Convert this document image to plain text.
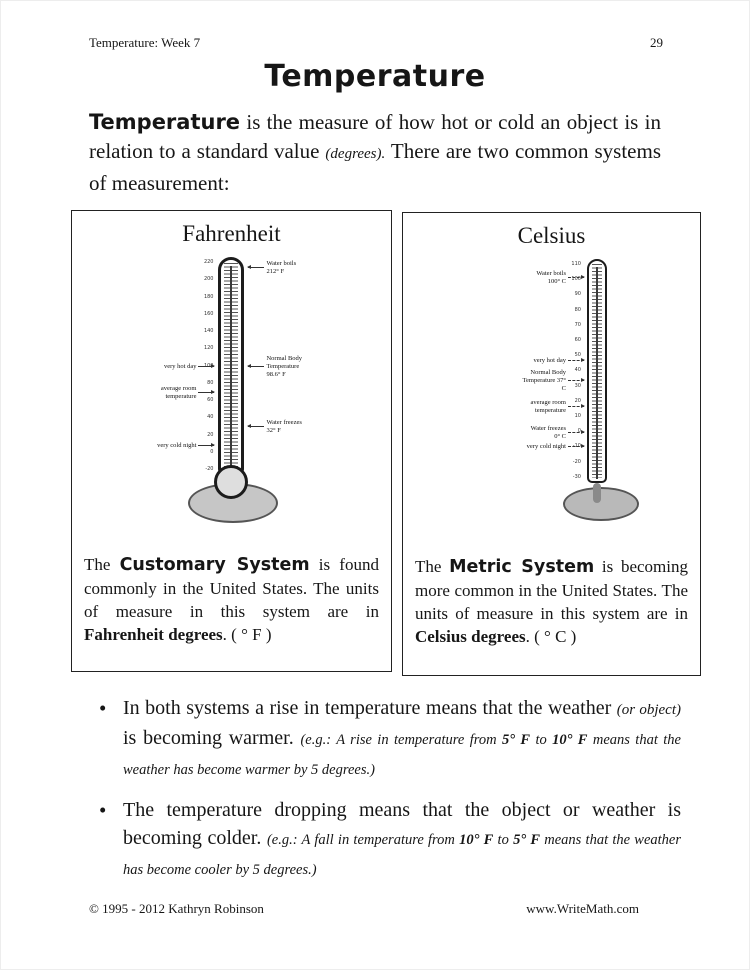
Temperature: Week 7	29
Temperature

Temperature is the measure of how hot or cold an object is in relation to a standard value (degrees). There are two common systems of measurement:

Fahrenheit
220
200
180
160
140
120
100
80
60
40
20
0
-20
Water boils 212° F
very hot day
Normal Body Temperature 98.6° F
average room temperature
Water freezes 32° F
very cold night

The Customary System is found commonly in the United States. The units of measure in this system are in Fahrenheit degrees. ( ° F )

Celsius
110
100
90
80
70
60
50
40
30
20
10
0
-10
-20
-30
Water boils 100° C
very hot day
Normal Body Temperature 37° C
average room temperature
Water freezes 0° C
very cold night

The Metric System is becoming more common in the United States. The units of measure in this system are in Celsius degrees. ( ° C )

• In both systems a rise in temperature means that the weather (or object) is becoming warmer. (e.g.: A rise in temperature from 5° F to 10° F means that the weather has become warmer by 5 degrees.)
• The temperature dropping means that the object or weather is becoming colder. (e.g.: A fall in temperature from 10° F to 5° F means that the weather has become cooler by 5 degrees.)
© 1995 - 2012 Kathryn Robinson	www.WriteMath.com
